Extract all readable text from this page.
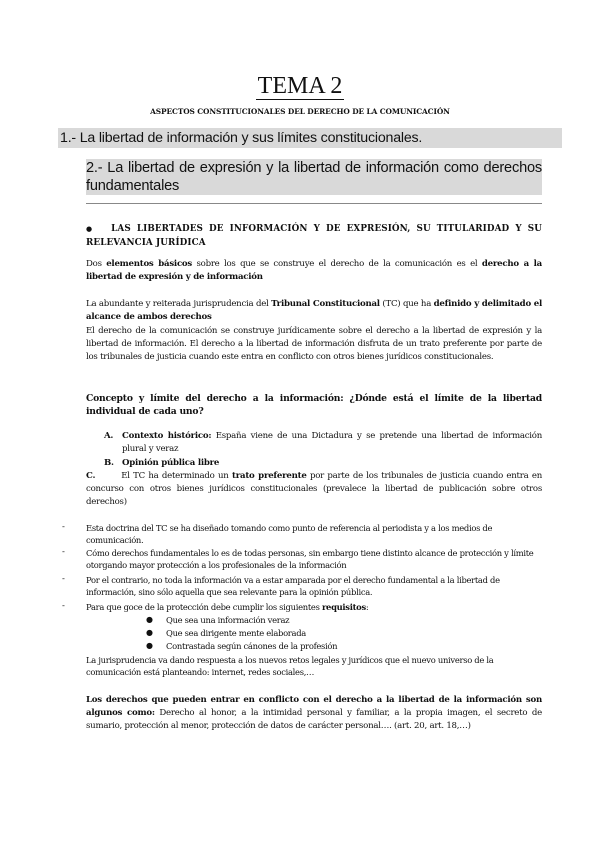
TEMA 2
ASPECTOS CONSTITUCIONALES DEL DERECHO DE LA COMUNICACIÓN
1.- La libertad de información y sus límites constitucionales.
2.- La libertad de expresión y la libertad de información como derechos fundamentales
● LAS LIBERTADES DE INFORMACIÓN Y DE EXPRESIÓN, SU TITULARIDAD Y SU RELEVANCIA JURÍDICA
Dos elementos básicos sobre los que se construye el derecho de la comunicación es el derecho a la libertad de expresión y de información
La abundante y reiterada jurisprudencia del Tribunal Constitucional (TC) que ha definido y delimitado el alcance de ambos derechos
El derecho de la comunicación se construye jurídicamente sobre el derecho a la libertad de expresión y la libertad de información. El derecho a la libertad de información disfruta de un trato preferente por parte de los tribunales de justicia cuando este entra en conflicto con otros bienes jurídicos constitucionales.
Concepto y límite del derecho a la información: ¿Dónde está el límite de la libertad individual de cada uno?
A.	Contexto histórico: España viene de una Dictadura y se pretende una libertad de información plural y veraz
B. Opinión pública libre
C.	El TC ha determinado un trato preferente por parte de los tribunales de justicia cuando entra en concurso con otros bienes jurídicos constitucionales (prevalece la libertad de publicación sobre otros derechos)
-	Esta doctrina del TC se ha diseñado tomando como punto de referencia al periodista y a los medios de comunicación.
-	Cómo derechos fundamentales lo es de todas personas, sin embargo tiene distinto alcance de protección y límite otorgando mayor protección a los profesionales de la información
-	Por el contrario, no toda la información va a estar amparada por el derecho fundamental a la libertad de información, sino sólo aquella que sea relevante para la opinión pública.
-	Para que goce de la protección debe cumplir los siguientes requisitos:
● Que sea una información veraz
● Que sea dirigente mente elaborada
● Contrastada según cánones de la profesión
La jurisprudencia va dando respuesta a los nuevos retos legales y jurídicos que el nuevo universo de la comunicación está planteando: internet, redes sociales,…
Los derechos que pueden entrar en conflicto con el derecho a la libertad de la información son algunos como: Derecho al honor, a la intimidad personal y familiar, a la propia imagen, el secreto de sumario, protección al menor, protección de datos de carácter personal…. (art. 20, art. 18,…)
